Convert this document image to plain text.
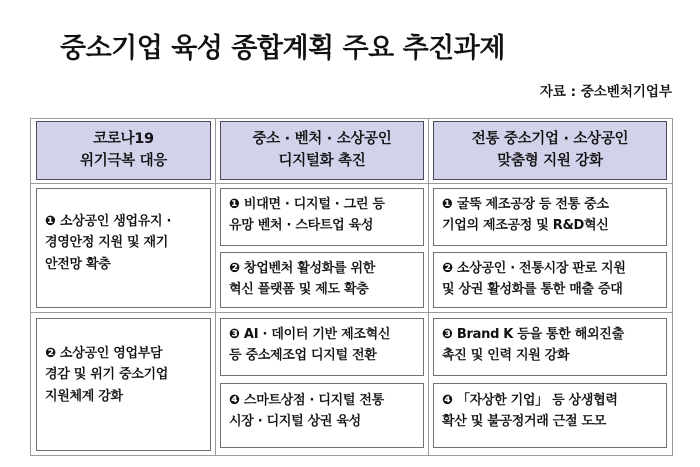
중소기업 육성 종합계획 주요 추진과제
자료 : 중소벤처기업부
코로나19
위기극복 대응
중소 · 벤처 · 소상공인
디지털화 촉진
전통 중소기업 · 소상공인
맞춤형 지원 강화
❶ 소상공인 생업유지 ·
경영안정 지원 및 재기
안전망 확충
❷ 소상공인 영업부담
경감 및 위기 중소기업
지원체계 강화
❶ 비대면 · 디지털 · 그린 등
유망 벤처 · 스타트업 육성
❷ 창업벤처 활성화를 위한
혁신 플랫폼 및 제도 확충
❸ AI · 데이터 기반 제조혁신
등 중소제조업 디지털 전환
❹ 스마트상점 · 디지털 전통
시장 · 디지털 상권 육성
❶ 굴뚝 제조공장 등 전통 중소
기업의 제조공정 및 R&D혁신
❷ 소상공인 · 전통시장 판로 지원
및 상권 활성화를 통한 매출 증대
❸ Brand K 등을 통한 해외진출
촉진 및 인력 지원 강화
❹ 「자상한 기업」 등 상생협력
확산 및 불공정거래 근절 도모
